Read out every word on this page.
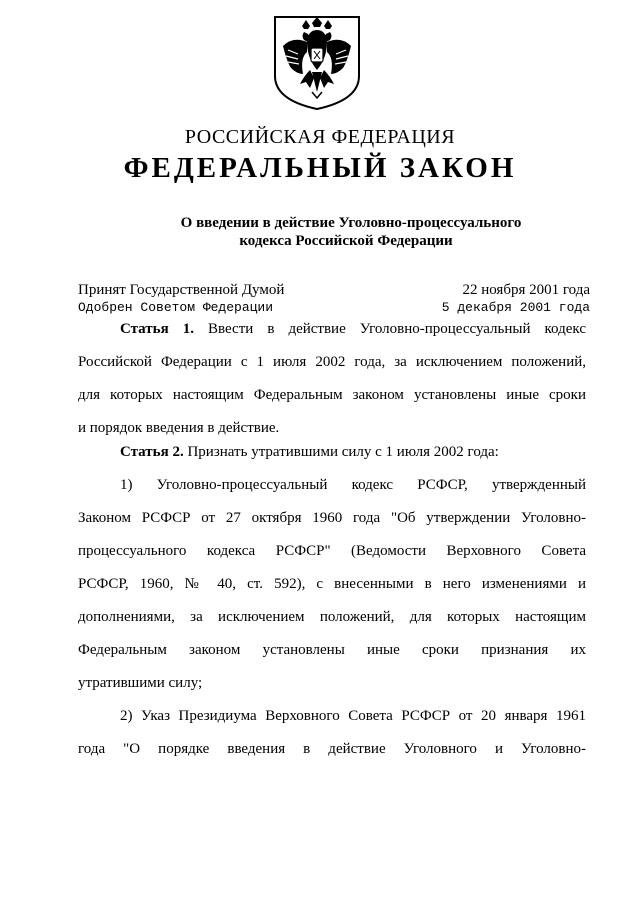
РОССИЙСКАЯ ФЕДЕРАЦИЯ
ФЕДЕРАЛЬНЫЙ ЗАКОН
О введении в действие Уголовно-процессуального
кодекса Российской Федерации
Принят Государственной Думой	22 ноября 2001 года
Одобрен Советом Федерации	5 декабря 2001 года
Статья 1. Ввести в действие Уголовно-процессуальный кодекс
Российской Федерации с 1 июля 2002 года, за исключением положений,
для которых настоящим Федеральным законом установлены иные сроки
и порядок введения в действие.
Статья 2. Признать утратившими силу с 1 июля 2002 года:
1) Уголовно-процессуальный кодекс РСФСР, утвержденный
Законом РСФСР от 27 октября 1960 года "Об утверждении Уголовно-
процессуального кодекса РСФСР" (Ведомости Верховного Совета
РСФСР, 1960, № 40, ст. 592), с внесенными в него изменениями и
дополнениями, за исключением положений, для которых настоящим
Федеральным законом установлены иные сроки признания их
утратившими силу;
2) Указ Президиума Верховного Совета РСФСР от 20 января 1961
года "О порядке введения в действие Уголовного и Уголовно-
